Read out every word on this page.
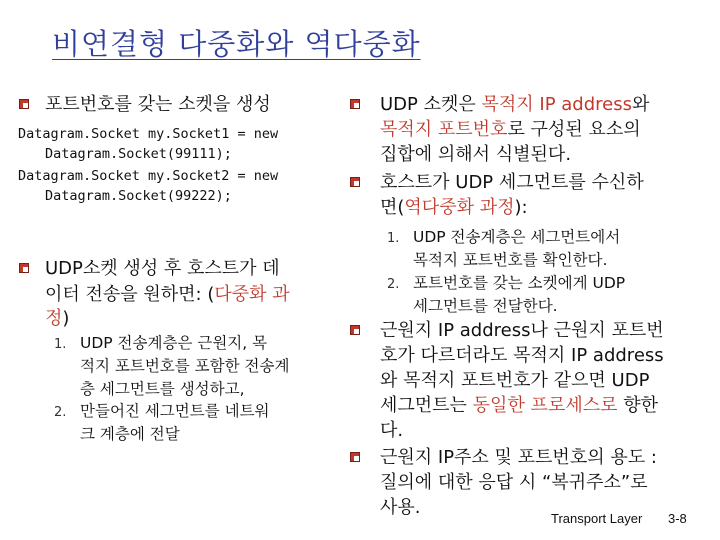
비연결형 다중화와 역다중화
포트번호를 갖는 소켓을 생성
Datagram.Socket my.Socket1 = new
Datagram.Socket(99111);
Datagram.Socket my.Socket2 = new
Datagram.Socket(99222);
UDP소켓 생성 후 호스트가 데
이터 전송을 원하면: (다중화 과
정)
1. UDP 전송계층은 근원지, 목
적지 포트번호를 포함한 전송계
층 세그먼트를 생성하고,
2. 만들어진 세그먼트를 네트워
크 계층에 전달
UDP 소켓은 목적지 IP address와
목적지 포트번호로 구성된 요소의
집합에 의해서 식별된다.
호스트가 UDP 세그먼트를 수신하
면(역다중화 과정):
1. UDP 전송계층은 세그먼트에서
목적지 포트번호를 확인한다.
2. 포트번호를 갖는 소켓에게 UDP
세그먼트를 전달한다.
근원지 IP address나 근원지 포트번
호가 다르더라도 목적지 IP address
와 목적지 포트번호가 같으면 UDP
세그먼트는 동일한 프로세스로 향한
다.
근원지 IP주소 및 포트번호의 용도 :
질의에 대한 응답 시 “복귀주소”로
사용.
Transport Layer 3-8
